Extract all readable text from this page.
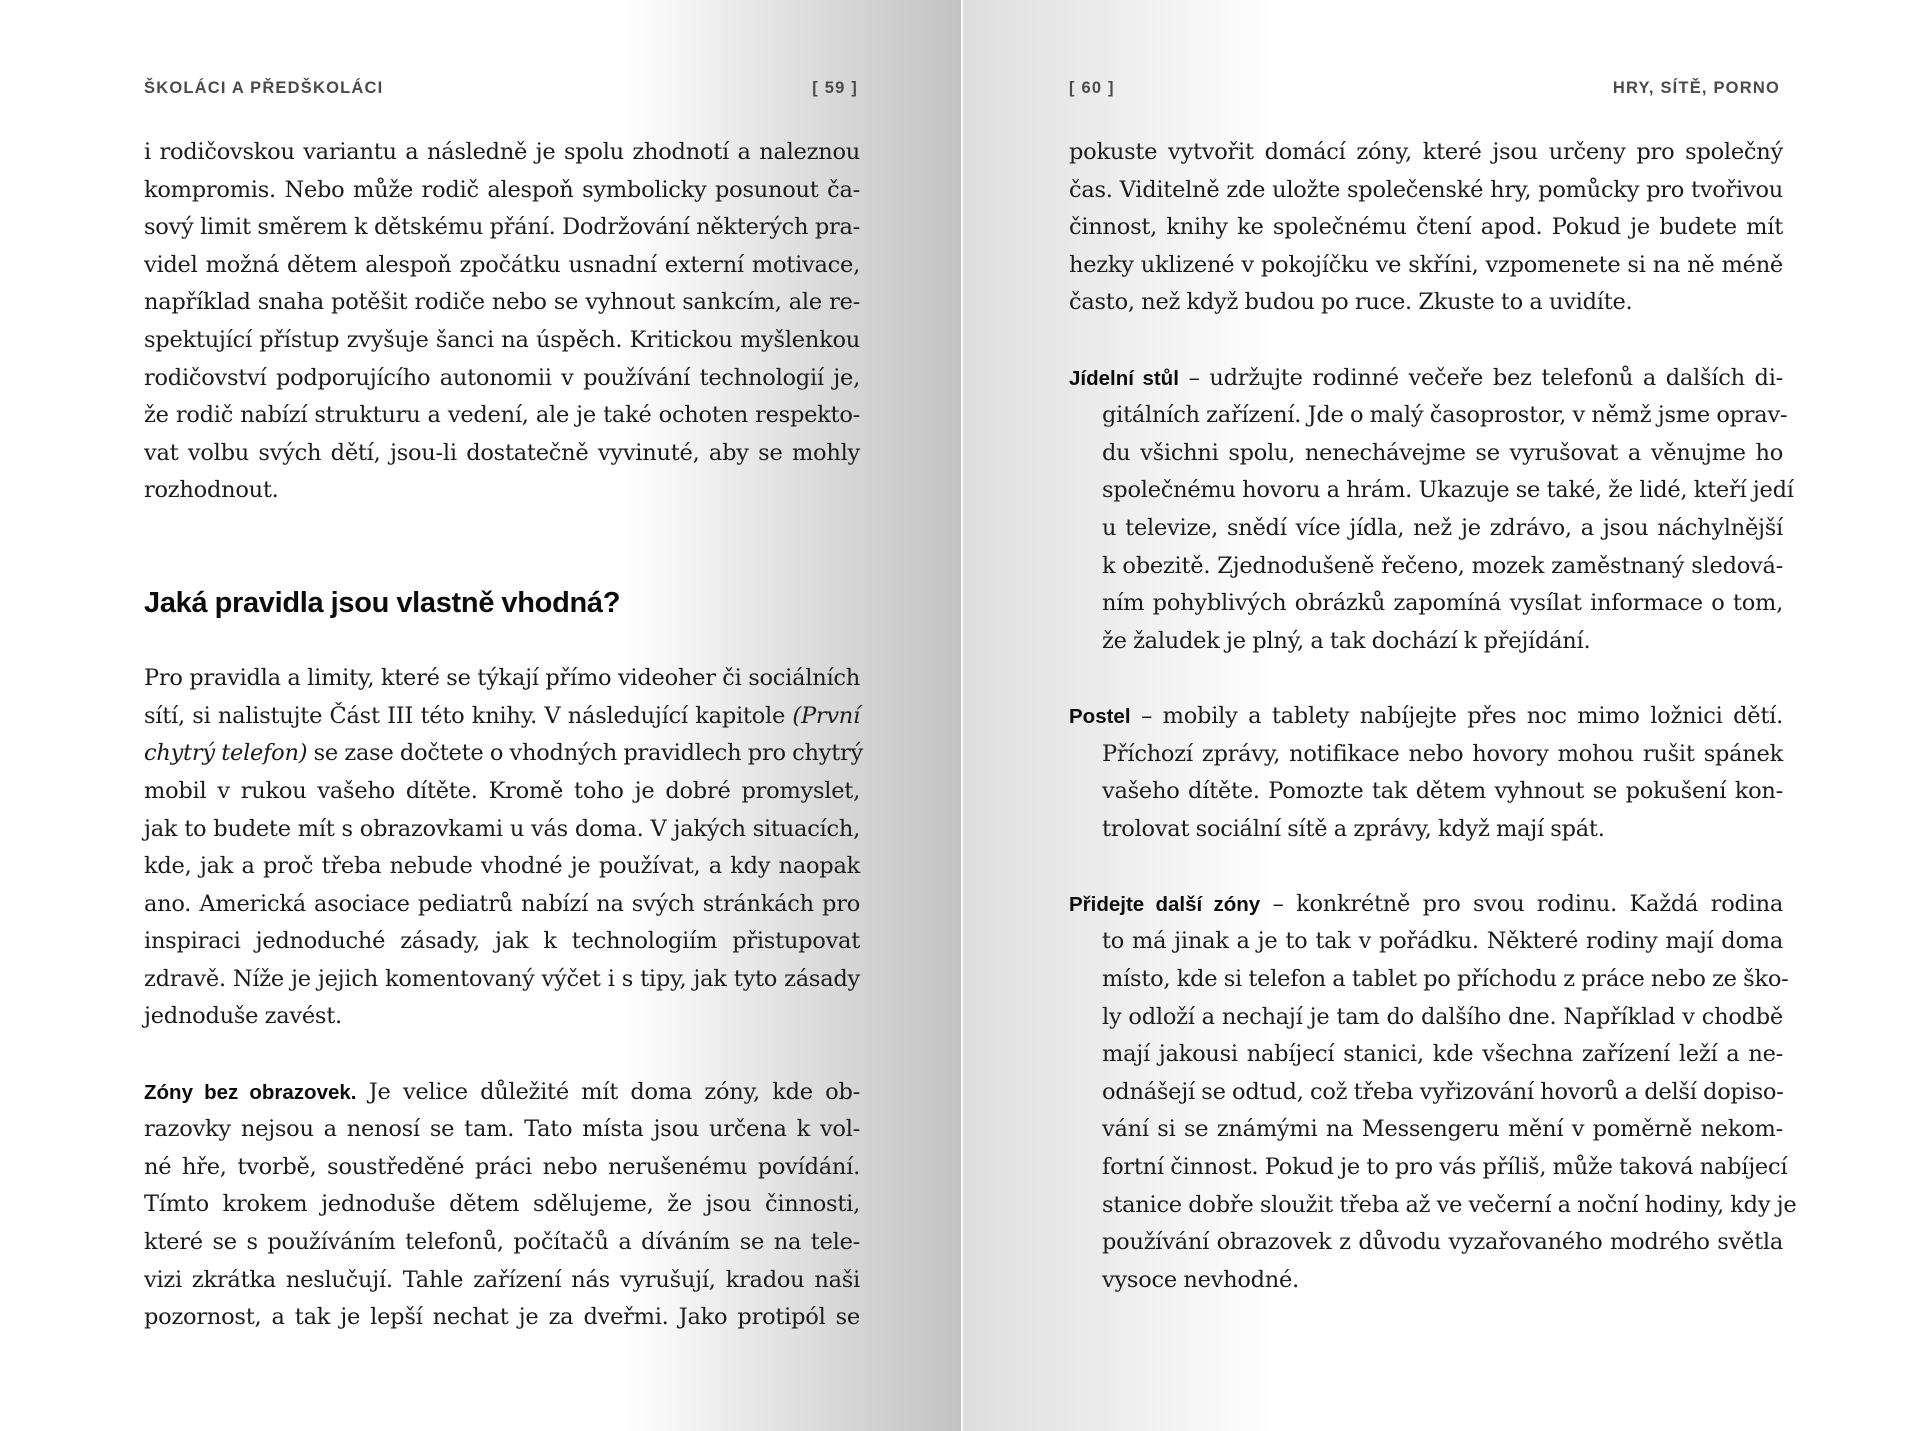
ŠKOLÁCI A PŘEDŠKOLÁCI	[ 59 ]
i rodičovskou variantu a následně je spolu zhodnotí a naleznou
kompromis. Nebo může rodič alespoň symbolicky posunout ča-
sový limit směrem k dětskému přání. Dodržování některých pra-
videl možná dětem alespoň zpočátku usnadní externí motivace,
například snaha potěšit rodiče nebo se vyhnout sankcím, ale re-
spektující přístup zvyšuje šanci na úspěch. Kritickou myšlenkou
rodičovství podporujícího autonomii v používání technologií je,
že rodič nabízí strukturu a vedení, ale je také ochoten respekto-
vat volbu svých dětí, jsou-li dostatečně vyvinuté, aby se mohly
rozhodnout.
Jaká pravidla jsou vlastně vhodná?
Pro pravidla a limity, které se týkají přímo videoher či sociálních
sítí, si nalistujte Část III této knihy. V následující kapitole (První
chytrý telefon) se zase dočtete o vhodných pravidlech pro chytrý
mobil v rukou vašeho dítěte. Kromě toho je dobré promyslet,
jak to budete mít s obrazovkami u vás doma. V jakých situacích,
kde, jak a proč třeba nebude vhodné je používat, a kdy naopak
ano. Americká asociace pediatrů nabízí na svých stránkách pro
inspiraci jednoduché zásady, jak k technologiím přistupovat
zdravě. Níže je jejich komentovaný výčet i s tipy, jak tyto zásady
jednoduše zavést.
Zóny bez obrazovek. Je velice důležité mít doma zóny, kde ob-
razovky nejsou a nenosí se tam. Tato místa jsou určena k vol-
né hře, tvorbě, soustředěné práci nebo nerušenému povídání.
Tímto krokem jednoduše dětem sdělujeme, že jsou činnosti,
které se s používáním telefonů, počítačů a díváním se na tele-
vizi zkrátka neslučují. Tahle zařízení nás vyrušují, kradou naši
pozornost, a tak je lepší nechat je za dveřmi. Jako protipól se
[ 60 ]	HRY, SÍTĚ, PORNO
pokuste vytvořit domácí zóny, které jsou určeny pro společný
čas. Viditelně zde uložte společenské hry, pomůcky pro tvořivou
činnost, knihy ke společnému čtení apod. Pokud je budete mít
hezky uklizené v pokojíčku ve skříni, vzpomenete si na ně méně
často, než když budou po ruce. Zkuste to a uvidíte.
Jídelní stůl – udržujte rodinné večeře bez telefonů a dalších di-
gitálních zařízení. Jde o malý časoprostor, v němž jsme oprav-
du všichni spolu, nenechávejme se vyrušovat a věnujme ho
společnému hovoru a hrám. Ukazuje se také, že lidé, kteří jedí
u televize, snědí více jídla, než je zdrávo, a jsou náchylnější
k obezitě. Zjednodušeně řečeno, mozek zaměstnaný sledová-
ním pohyblivých obrázků zapomíná vysílat informace o tom,
že žaludek je plný, a tak dochází k přejídání.
Postel – mobily a tablety nabíjejte přes noc mimo ložnici dětí.
Příchozí zprávy, notifikace nebo hovory mohou rušit spánek
vašeho dítěte. Pomozte tak dětem vyhnout se pokušení kon-
trolovat sociální sítě a zprávy, když mají spát.
Přidejte další zóny – konkrétně pro svou rodinu. Každá rodina
to má jinak a je to tak v pořádku. Některé rodiny mají doma
místo, kde si telefon a tablet po příchodu z práce nebo ze ško-
ly odloží a nechají je tam do dalšího dne. Například v chodbě
mají jakousi nabíjecí stanici, kde všechna zařízení leží a ne-
odnášejí se odtud, což třeba vyřizování hovorů a delší dopiso-
vání si se známými na Messengeru mění v poměrně nekom-
fortní činnost. Pokud je to pro vás příliš, může taková nabíjecí
stanice dobře sloužit třeba až ve večerní a noční hodiny, kdy je
používání obrazovek z důvodu vyzařovaného modrého světla
vysoce nevhodné.
